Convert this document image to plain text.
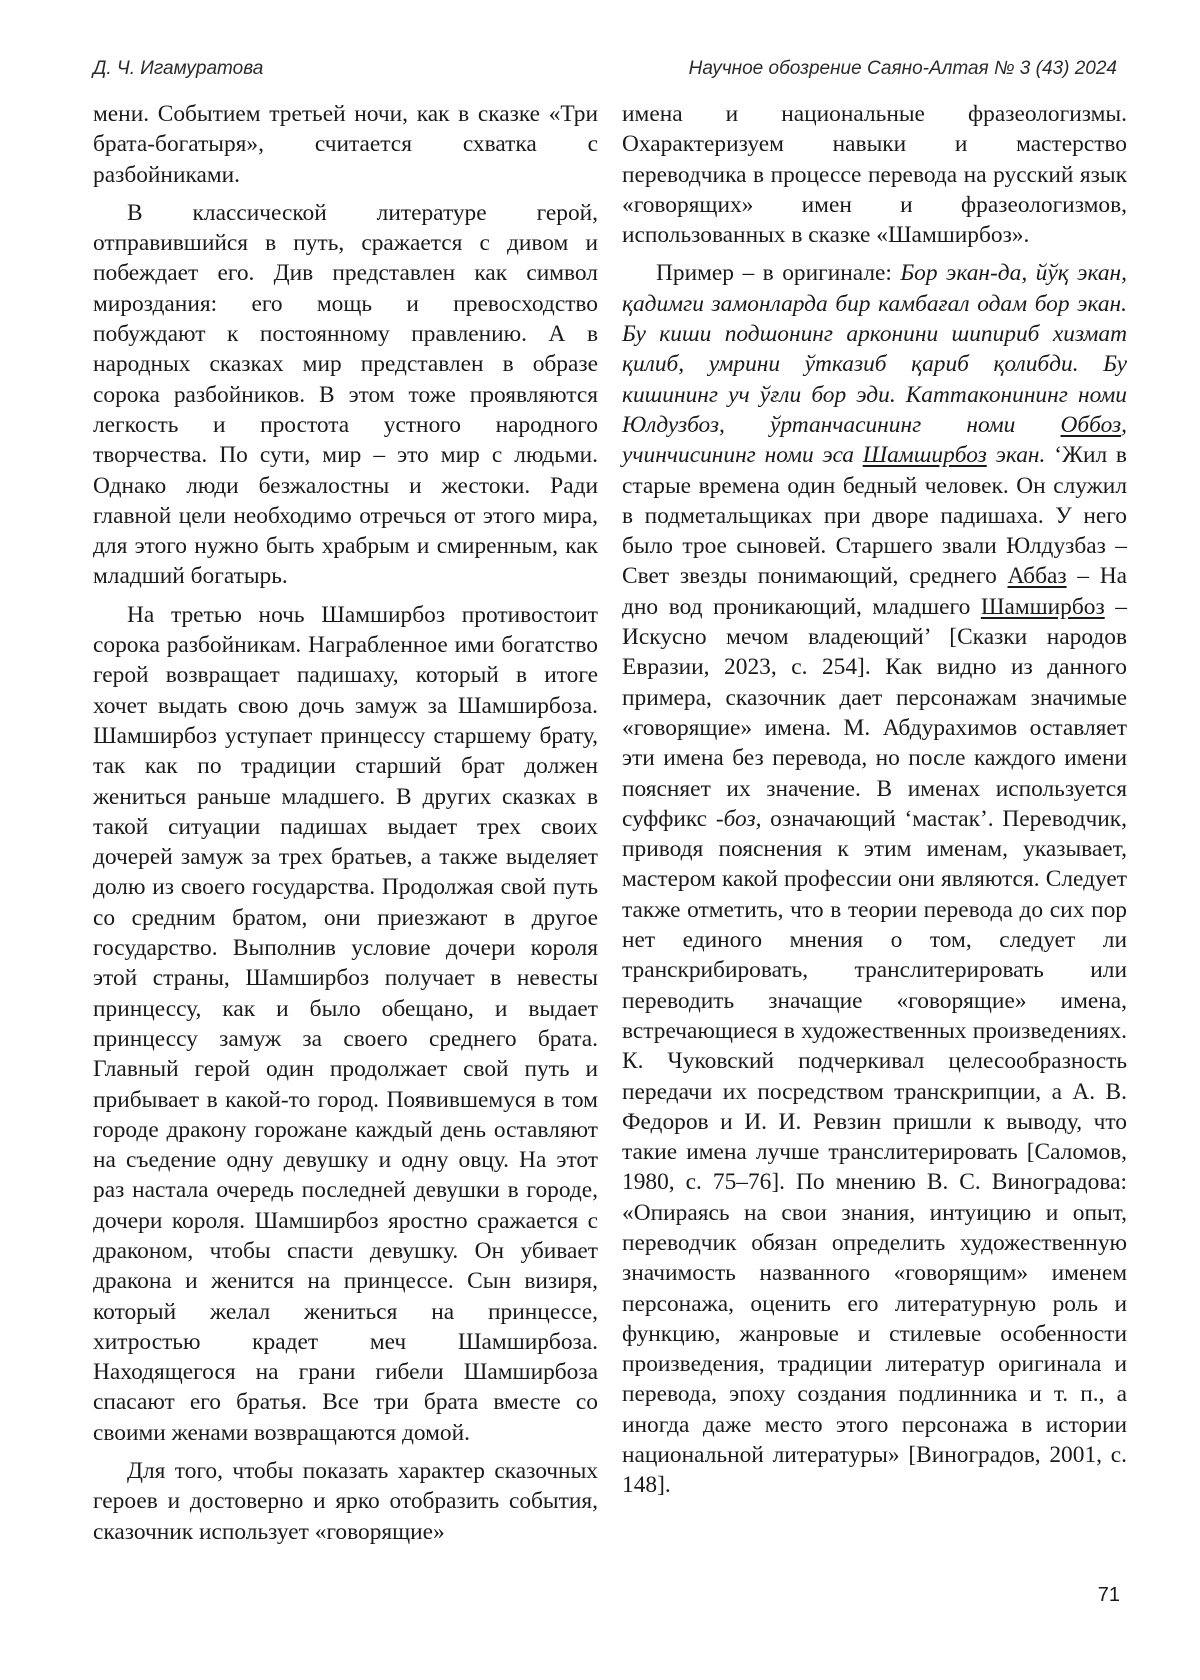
Д. Ч. Игамуратова	Научное обозрение Саяно-Алтая № 3 (43) 2024

мени. Событием третьей ночи, как в сказке «Три брата-богатыря», считается схватка с разбойниками.

В классической литературе герой, отправившийся в путь, сражается с дивом и побеждает его. Див представлен как символ мироздания: его мощь и превосходство побуждают к постоянному правлению. А в народных сказках мир представлен в образе сорока разбойников. В этом тоже проявляются легкость и простота устного народного творчества. По сути, мир – это мир с людьми. Однако люди безжалостны и жестоки. Ради главной цели необходимо отречься от этого мира, для этого нужно быть храбрым и смиренным, как младший богатырь.

На третью ночь Шамширбоз противостоит сорока разбойникам. Награбленное ими богатство герой возвращает падишаху, который в итоге хочет выдать свою дочь замуж за Шамширбоза. Шамширбоз уступает принцессу старшему брату, так как по традиции старший брат должен жениться раньше младшего. В других сказках в такой ситуации падишах выдает трех своих дочерей замуж за трех братьев, а также выделяет долю из своего государства. Продолжая свой путь со средним братом, они приезжают в другое государство. Выполнив условие дочери короля этой страны, Шамширбоз получает в невесты принцессу, как и было обещано, и выдает принцессу замуж за своего среднего брата. Главный герой один продолжает свой путь и прибывает в какой-то город. Появившемуся в том городе дракону горожане каждый день оставляют на съедение одну девушку и одну овцу. На этот раз настала очередь последней девушки в городе, дочери короля. Шамширбоз яростно сражается с драконом, чтобы спасти девушку. Он убивает дракона и женится на принцессе. Сын визиря, который желал жениться на принцессе, хитростью крадет меч Шамширбоза. Находящегося на грани гибели Шамширбоза спасают его братья. Все три брата вместе со своими женами возвращаются домой.

Для того, чтобы показать характер сказочных героев и достоверно и ярко отобразить события, сказочник использует «говорящие»

имена и национальные фразеологизмы. Охарактеризуем навыки и мастерство переводчика в процессе перевода на русский язык «говорящих» имен и фразеологизмов, использованных в сказке «Шамширбоз».

Пример – в оригинале: Бор экан-да, йўқ экан, қадимги замонларда бир камбағал одам бор экан. Бу киши подшонинг арконини шипириб хизмат қилиб, умрини ўтказиб қариб қолибди. Бу кишининг уч ўғли бор эди. Каттаконининг номи Юлдузбоз, ўртанчасининг номи Оббоз, учинчисининг номи эса Шамширбоз экан. ‘Жил в старые времена один бедный человек. Он служил в подметальщиках при дворе падишаха. У него было трое сыновей. Старшего звали Юлдузбаз – Свет звезды понимающий, среднего Аббаз – На дно вод проникающий, младшего Шамширбоз – Искусно мечом владеющий’ [Сказки народов Евразии, 2023, с. 254]. Как видно из данного примера, сказочник дает персонажам значимые «говорящие» имена. М. Абдурахимов оставляет эти имена без перевода, но после каждого имени поясняет их значение. В именах используется суффикс -боз, означающий ‘мастак’. Переводчик, приводя пояснения к этим именам, указывает, мастером какой профессии они являются. Следует также отметить, что в теории перевода до сих пор нет единого мнения о том, следует ли транскрибировать, транслитерировать или переводить значащие «говорящие» имена, встречающиеся в художественных произведениях. К. Чуковский подчеркивал целесообразность передачи их посредством транскрипции, а А. В. Федоров и И. И. Ревзин пришли к выводу, что такие имена лучше транслитерировать [Саломов, 1980, с. 75–76]. По мнению В. С. Виноградова: «Опираясь на свои знания, интуицию и опыт, переводчик обязан определить художественную значимость названного «говорящим» именем персонажа, оценить его литературную роль и функцию, жанровые и стилевые особенности произведения, традиции литератур оригинала и перевода, эпоху создания подлинника и т. п., а иногда даже место этого персонажа в истории национальной литературы» [Виноградов, 2001, с. 148].

71
